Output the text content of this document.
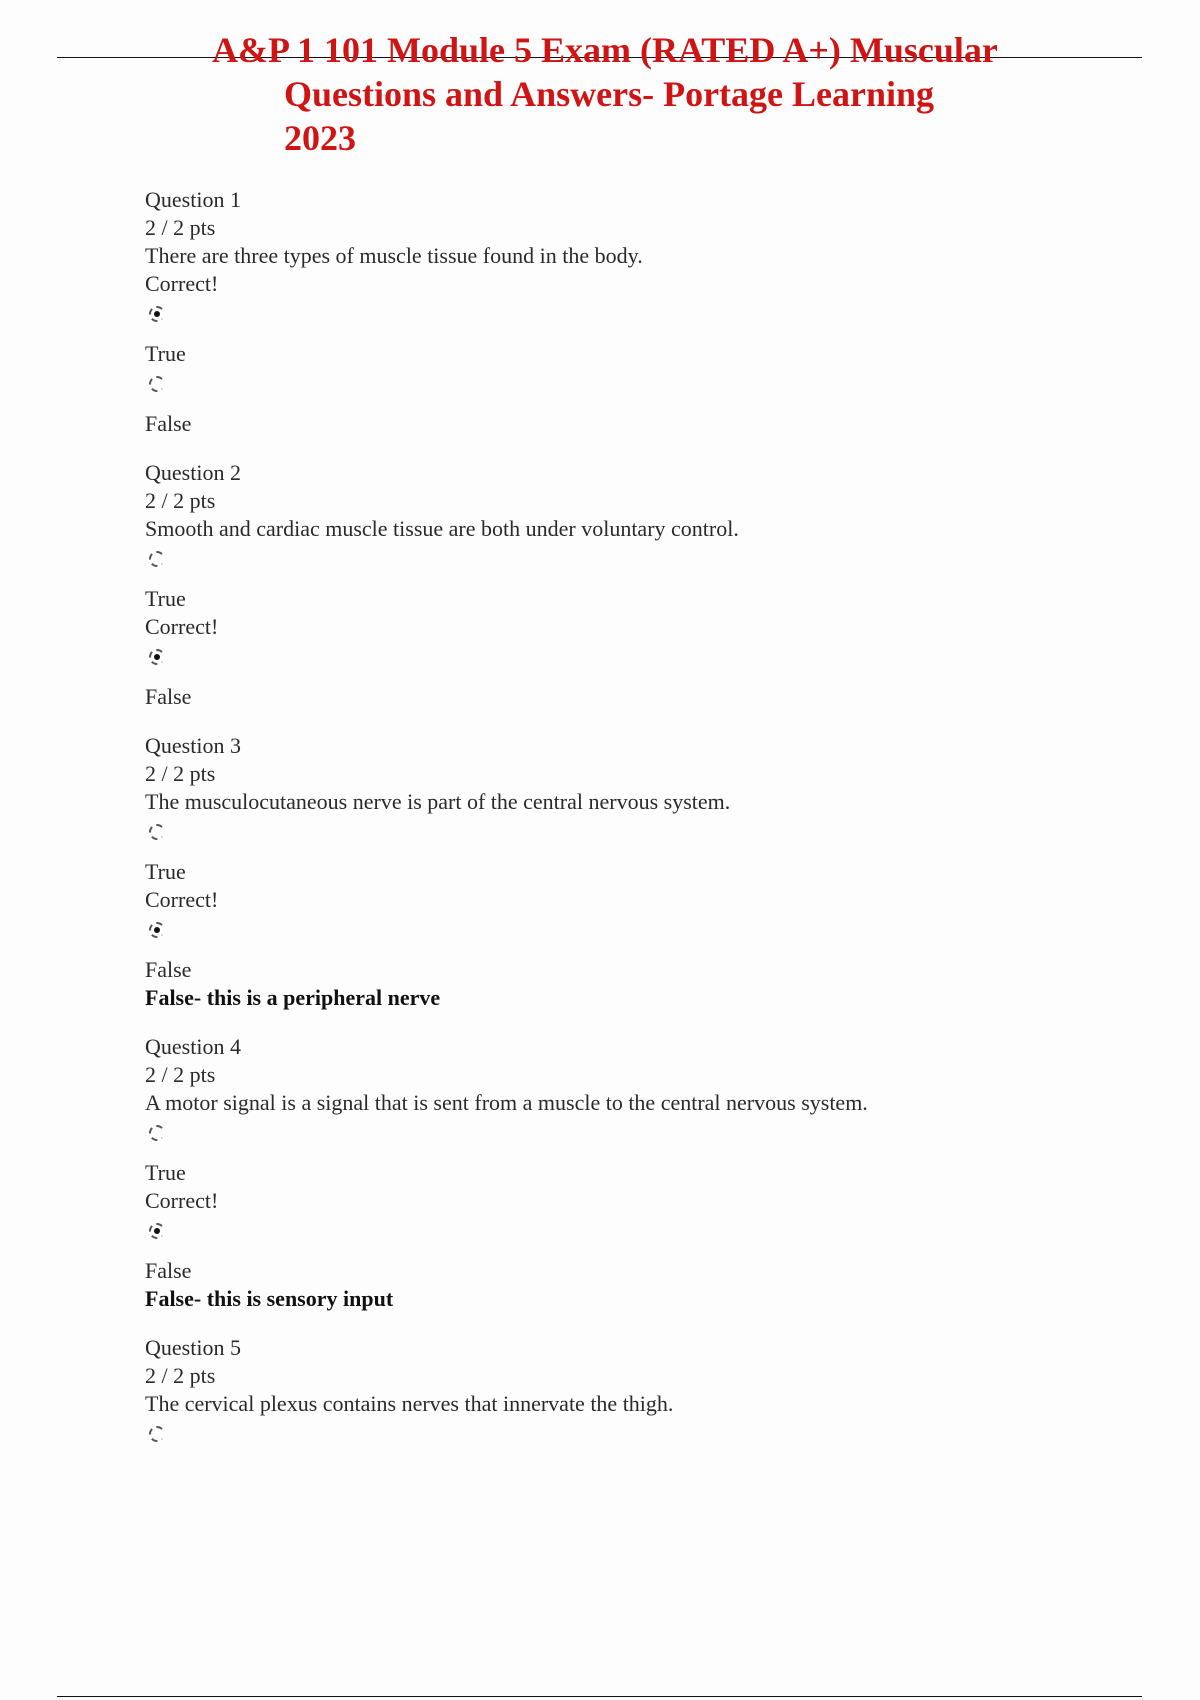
A&P 1 101 Module 5 Exam (RATED A+) Muscular
Questions and Answers- Portage Learning
2023
Question 1
2 / 2 pts
There are three types of muscle tissue found in the body.
Correct!
True
False
Question 2
2 / 2 pts
Smooth and cardiac muscle tissue are both under voluntary control.
True
Correct!
False
Question 3
2 / 2 pts
The musculocutaneous nerve is part of the central nervous system.
True
Correct!
False
False- this is a peripheral nerve
Question 4
2 / 2 pts
A motor signal is a signal that is sent from a muscle to the central nervous system.
True
Correct!
False
False- this is sensory input
Question 5
2 / 2 pts
The cervical plexus contains nerves that innervate the thigh.
